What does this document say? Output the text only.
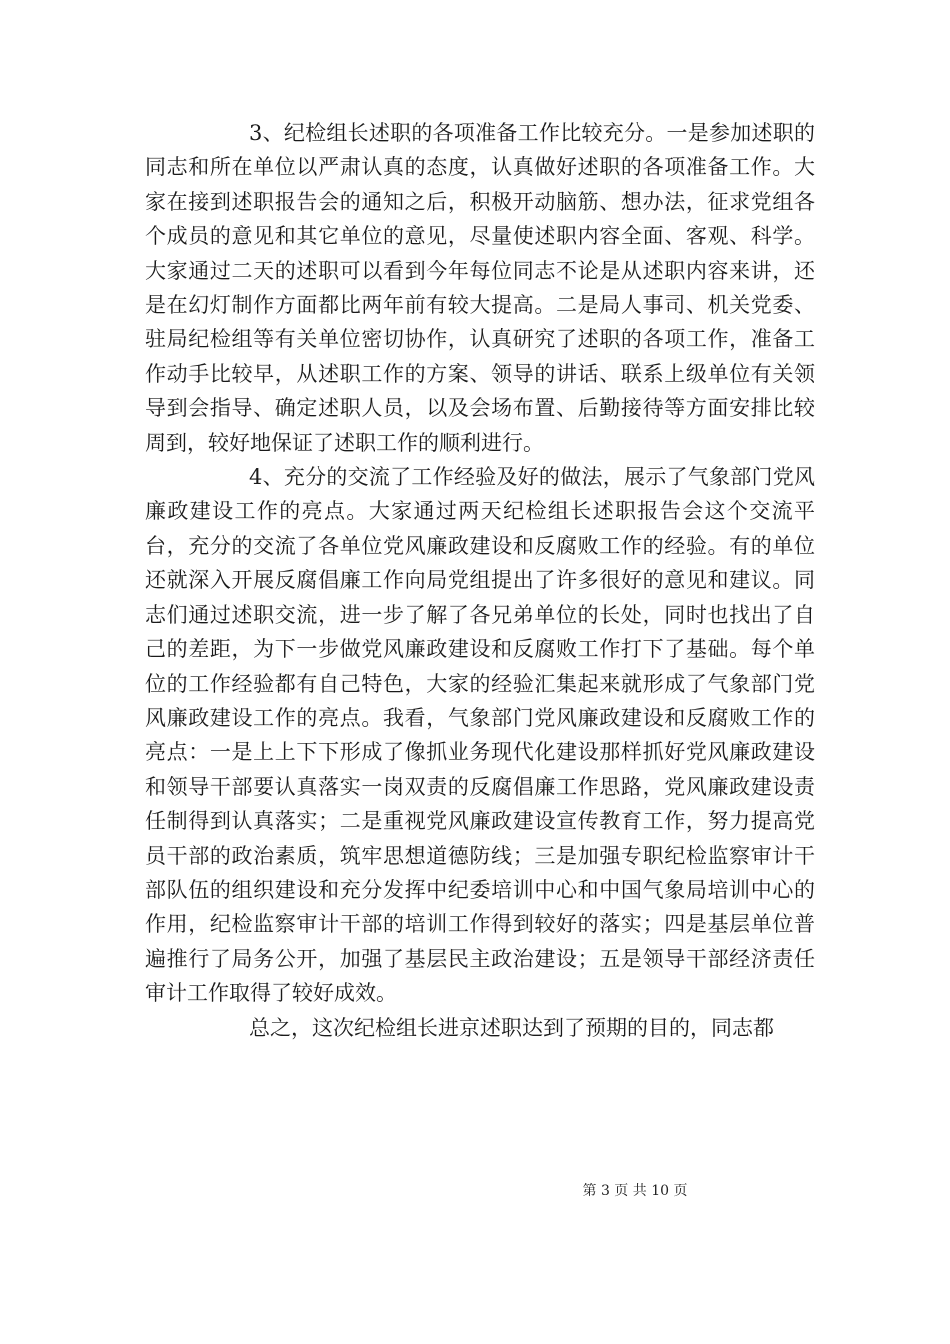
3、纪检组长述职的各项准备工作比较充分。一是参加述职的同志和所在单位以严肃认真的态度，认真做好述职的各项准备工作。大家在接到述职报告会的通知之后，积极开动脑筋、想办法，征求党组各个成员的意见和其它单位的意见，尽量使述职内容全面、客观、科学。大家通过二天的述职可以看到今年每位同志不论是从述职内容来讲，还是在幻灯制作方面都比两年前有较大提高。二是局人事司、机关党委、驻局纪检组等有关单位密切协作，认真研究了述职的各项工作，准备工作动手比较早，从述职工作的方案、领导的讲话、联系上级单位有关领导到会指导、确定述职人员，以及会场布置、后勤接待等方面安排比较周到，较好地保证了述职工作的顺利进行。

4、充分的交流了工作经验及好的做法，展示了气象部门党风廉政建设工作的亮点。大家通过两天纪检组长述职报告会这个交流平台，充分的交流了各单位党风廉政建设和反腐败工作的经验。有的单位还就深入开展反腐倡廉工作向局党组提出了许多很好的意见和建议。同志们通过述职交流，进一步了解了各兄弟单位的长处，同时也找出了自己的差距，为下一步做党风廉政建设和反腐败工作打下了基础。每个单位的工作经验都有自己特色，大家的经验汇集起来就形成了气象部门党风廉政建设工作的亮点。我看，气象部门党风廉政建设和反腐败工作的亮点：一是上上下下形成了像抓业务现代化建设那样抓好党风廉政建设和领导干部要认真落实一岗双责的反腐倡廉工作思路，党风廉政建设责任制得到认真落实；二是重视党风廉政建设宣传教育工作，努力提高党员干部的政治素质，筑牢思想道德防线；三是加强专职纪检监察审计干部队伍的组织建设和充分发挥中纪委培训中心和中国气象局培训中心的作用，纪检监察审计干部的培训工作得到较好的落实；四是基层单位普遍推行了局务公开，加强了基层民主政治建设；五是领导干部经济责任审计工作取得了较好成效。

总之，这次纪检组长进京述职达到了预期的目的，同志都

第 3 页 共 10 页
